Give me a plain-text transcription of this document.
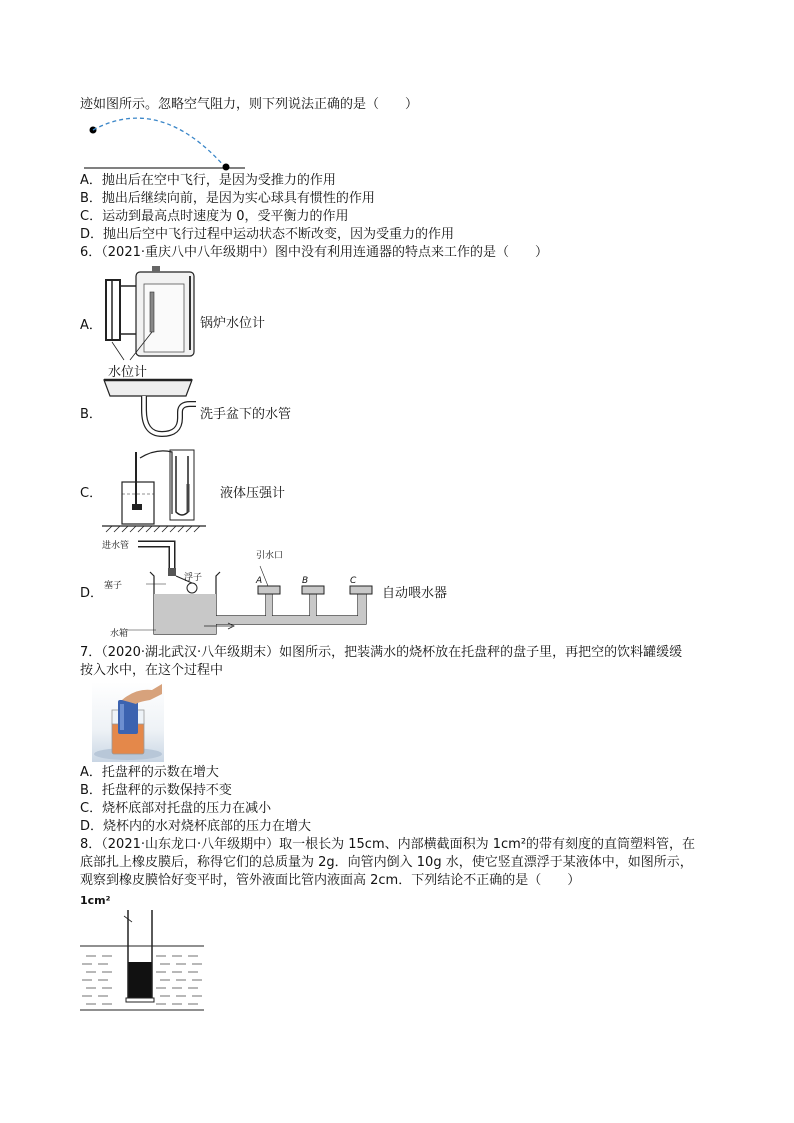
迹如图所示。忽略空气阻力，则下列说法正确的是（　　）
A．抛出后在空中飞行，是因为受推力的作用
B．抛出后继续向前，是因为实心球具有惯性的作用
C．运动到最高点时速度为 0，受平衡力的作用
D．抛出后空中飞行过程中运动状态不断改变，因为受重力的作用
6．（2021·重庆八中八年级期中）图中没有利用连通器的特点来工作的是（　　）
A．	锅炉水位计
水位计
B．	洗手盆下的水管
C．	液体压强计
D．
进水管
塞子
浮子
水箱
引水口
A	B	C
自动喂水器
7．（2020·湖北武汉·八年级期末）如图所示，把装满水的烧杯放在托盘秤的盘子里，再把空的饮料罐缓缓
按入水中，在这个过程中
A．托盘秤的示数在增大
B．托盘秤的示数保持不变
C．烧杯底部对托盘的压力在减小
D．烧杯内的水对烧杯底部的压力在增大
8．（2021·山东龙口·八年级期中）取一根长为 15cm、内部横截面积为 1cm²的带有刻度的直筒塑料管，在
底部扎上橡皮膜后，称得它们的总质量为 2g．向管内倒入 10g 水，使它竖直漂浮于某液体中，如图所示，
观察到橡皮膜恰好变平时，管外液面比管内液面高 2cm．下列结论不正确的是（　　）
1cm²
